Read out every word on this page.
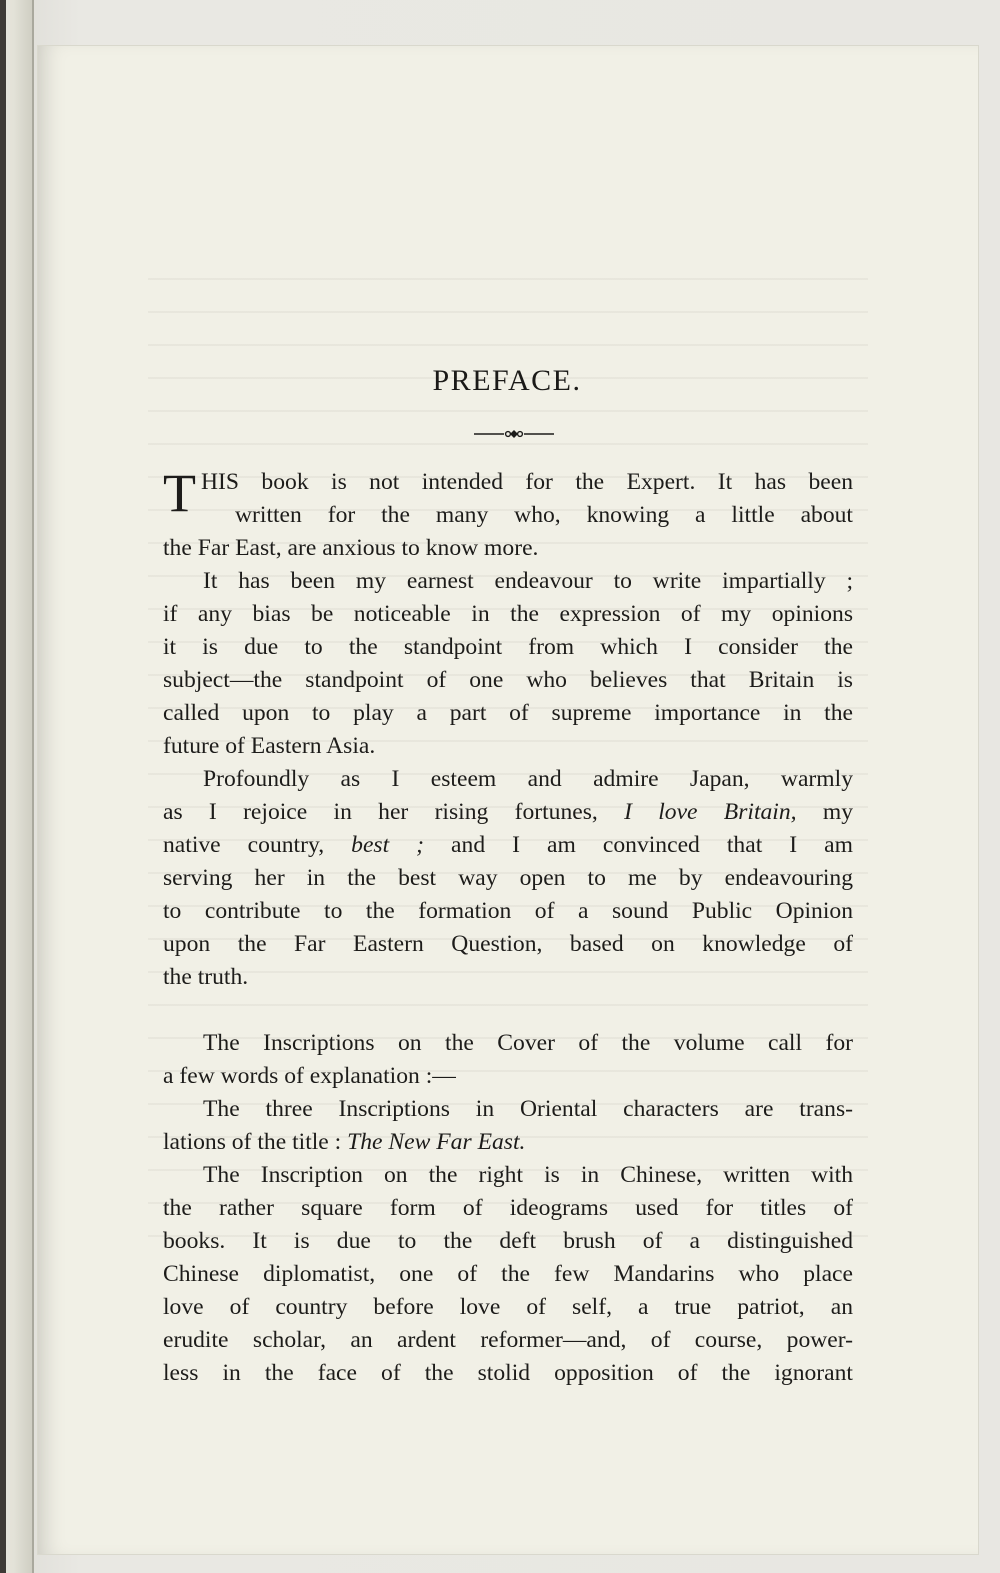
PREFACE.
T HIS book is not intended for the Expert. It has been
written for the many who, knowing a little about
the Far East, are anxious to know more.
It has been my earnest endeavour to write impartially ;
if any bias be noticeable in the expression of my opinions
it is due to the standpoint from which I consider the
subject—the standpoint of one who believes that Britain is
called upon to play a part of supreme importance in the
future of Eastern Asia.
Profoundly as I esteem and admire Japan, warmly
as I rejoice in her rising fortunes, I love Britain, my
native country, best ; and I am convinced that I am
serving her in the best way open to me by endeavouring
to contribute to the formation of a sound Public Opinion
upon the Far Eastern Question, based on knowledge of
the truth.
The Inscriptions on the Cover of the volume call for
a few words of explanation :—
The three Inscriptions in Oriental characters are trans-
lations of the title : The New Far East.
The Inscription on the right is in Chinese, written with
the rather square form of ideograms used for titles of
books. It is due to the deft brush of a distinguished
Chinese diplomatist, one of the few Mandarins who place
love of country before love of self, a true patriot, an
erudite scholar, an ardent reformer—and, of course, power-
less in the face of the stolid opposition of the ignorant
